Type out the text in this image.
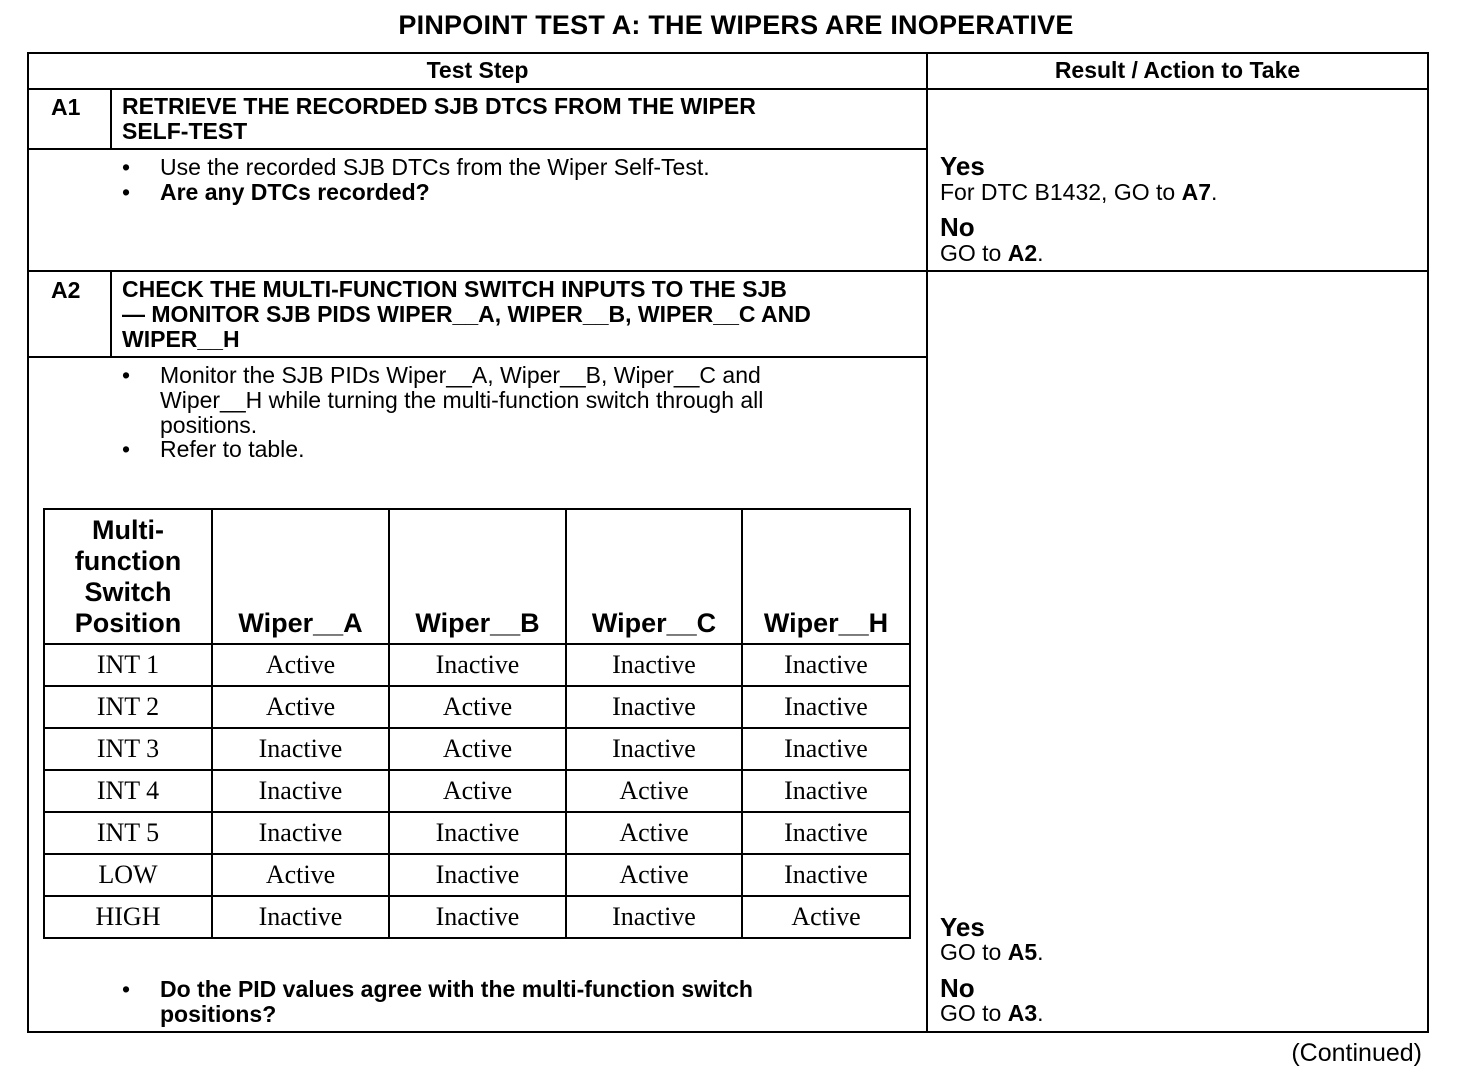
PINPOINT TEST A: THE WIPERS ARE INOPERATIVE
Test Step	Result / Action to Take
A1 RETRIEVE THE RECORDED SJB DTCS FROM THE WIPER
SELF-TEST
• Use the recorded SJB DTCs from the Wiper Self-Test.
• Are any DTCs recorded?
Yes
For DTC B1432, GO to A7.
No
GO to A2.
A2 CHECK THE MULTI-FUNCTION SWITCH INPUTS TO THE SJB
— MONITOR SJB PIDS WIPER__A, WIPER__B, WIPER__C AND
WIPER__H
• Monitor the SJB PIDs Wiper__A, Wiper__B, Wiper__C and
Wiper__H while turning the multi-function switch through all
positions.
• Refer to table.
Multi-
function
Switch
Position	Wiper__A	Wiper__B	Wiper__C	Wiper__H
INT 1	Active	Inactive	Inactive	Inactive
INT 2	Active	Active	Inactive	Inactive
INT 3	Inactive	Active	Inactive	Inactive
INT 4	Inactive	Active	Active	Inactive
INT 5	Inactive	Inactive	Active	Inactive
LOW	Active	Inactive	Active	Inactive
HIGH	Inactive	Inactive	Inactive	Active
• Do the PID values agree with the multi-function switch
positions?
Yes
GO to A5.
No
GO to A3.
(Continued)
